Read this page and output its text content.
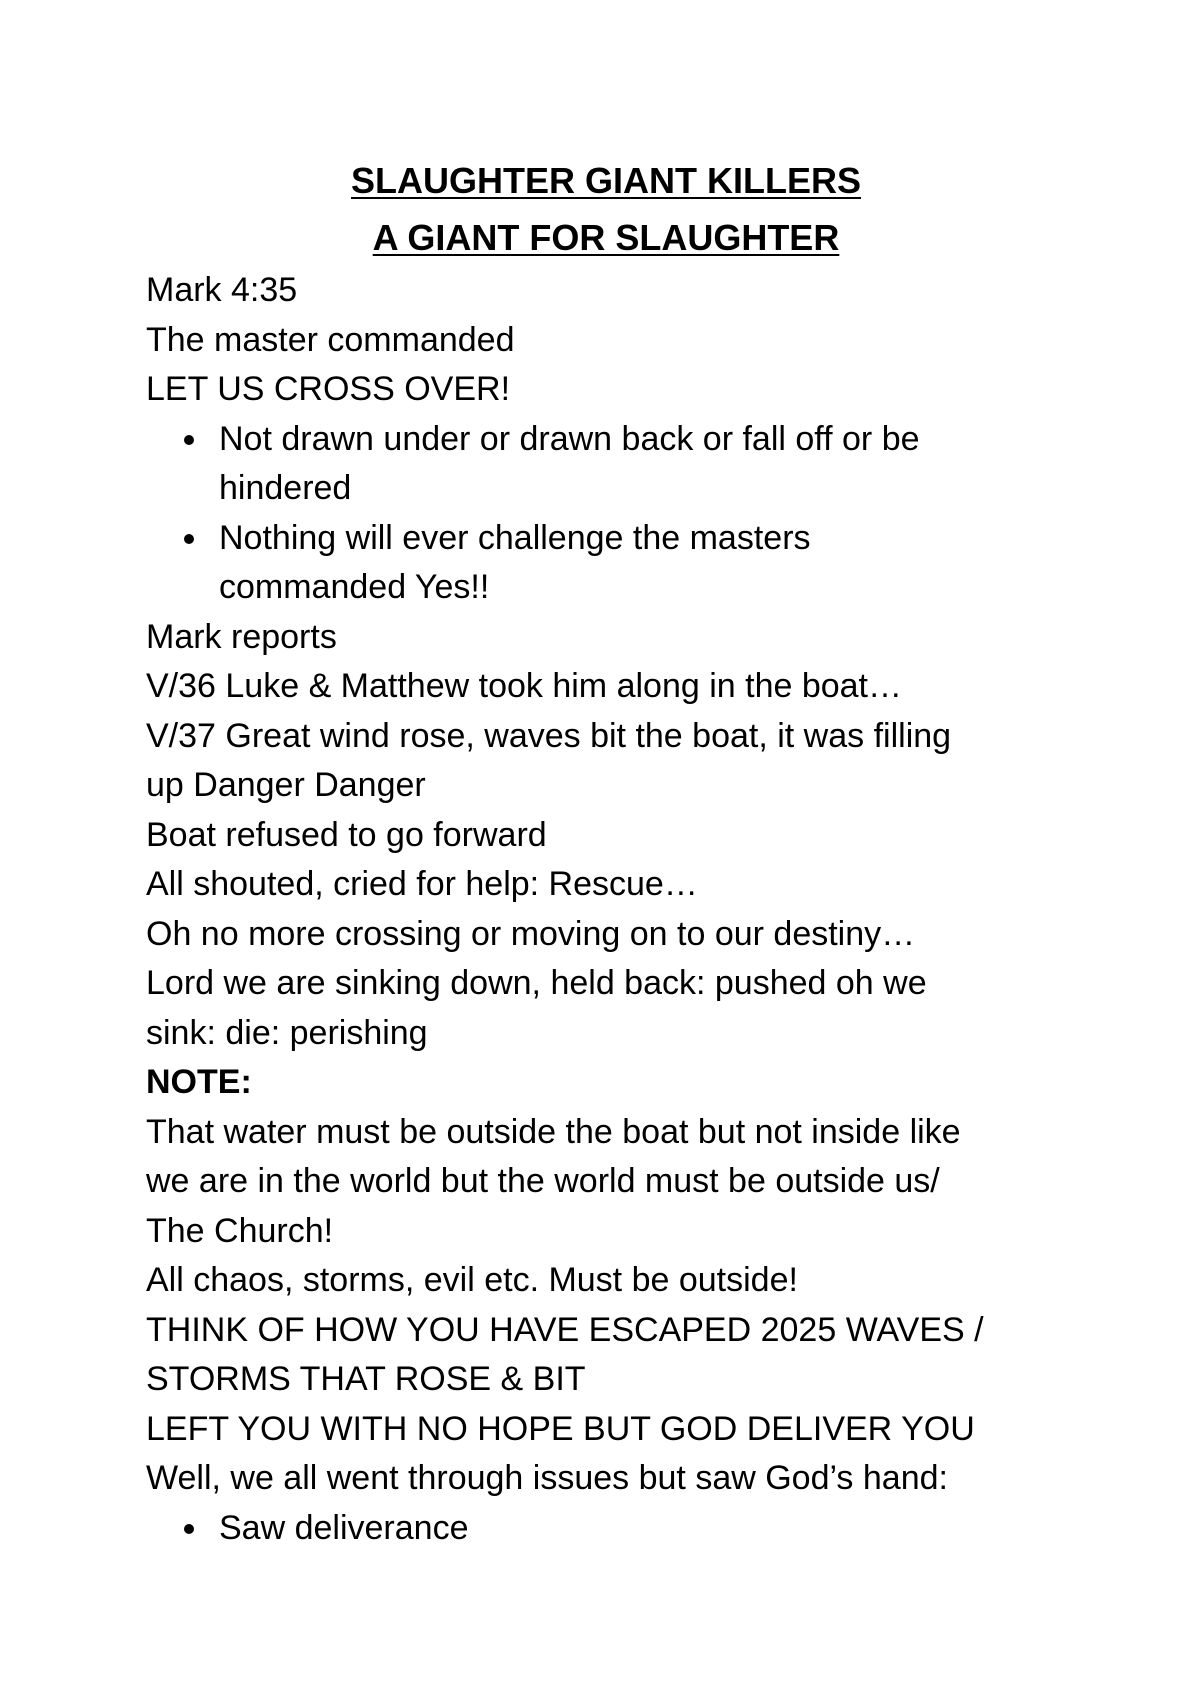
SLAUGHTER GIANT KILLERS

A GIANT FOR SLAUGHTER

Mark 4:35

The master commanded

LET US CROSS OVER!

Not drawn under or drawn back or fall off or be
hindered
Nothing will ever challenge the masters
commanded Yes!!

Mark reports

V/36 Luke & Matthew took him along in the boat…

V/37 Great wind rose, waves bit the boat, it was filling

up Danger Danger

Boat refused to go forward

All shouted, cried for help: Rescue…

Oh no more crossing or moving on to our destiny…

Lord we are sinking down, held back: pushed oh we

sink: die: perishing

NOTE:

That water must be outside the boat but not inside like

we are in the world but the world must be outside us/

The Church!

All chaos, storms, evil etc. Must be outside!

THINK OF HOW YOU HAVE ESCAPED 2025 WAVES /

STORMS THAT ROSE & BIT

LEFT YOU WITH NO HOPE BUT GOD DELIVER YOU

Well, we all went through issues but saw God’s hand:

Saw deliverance
